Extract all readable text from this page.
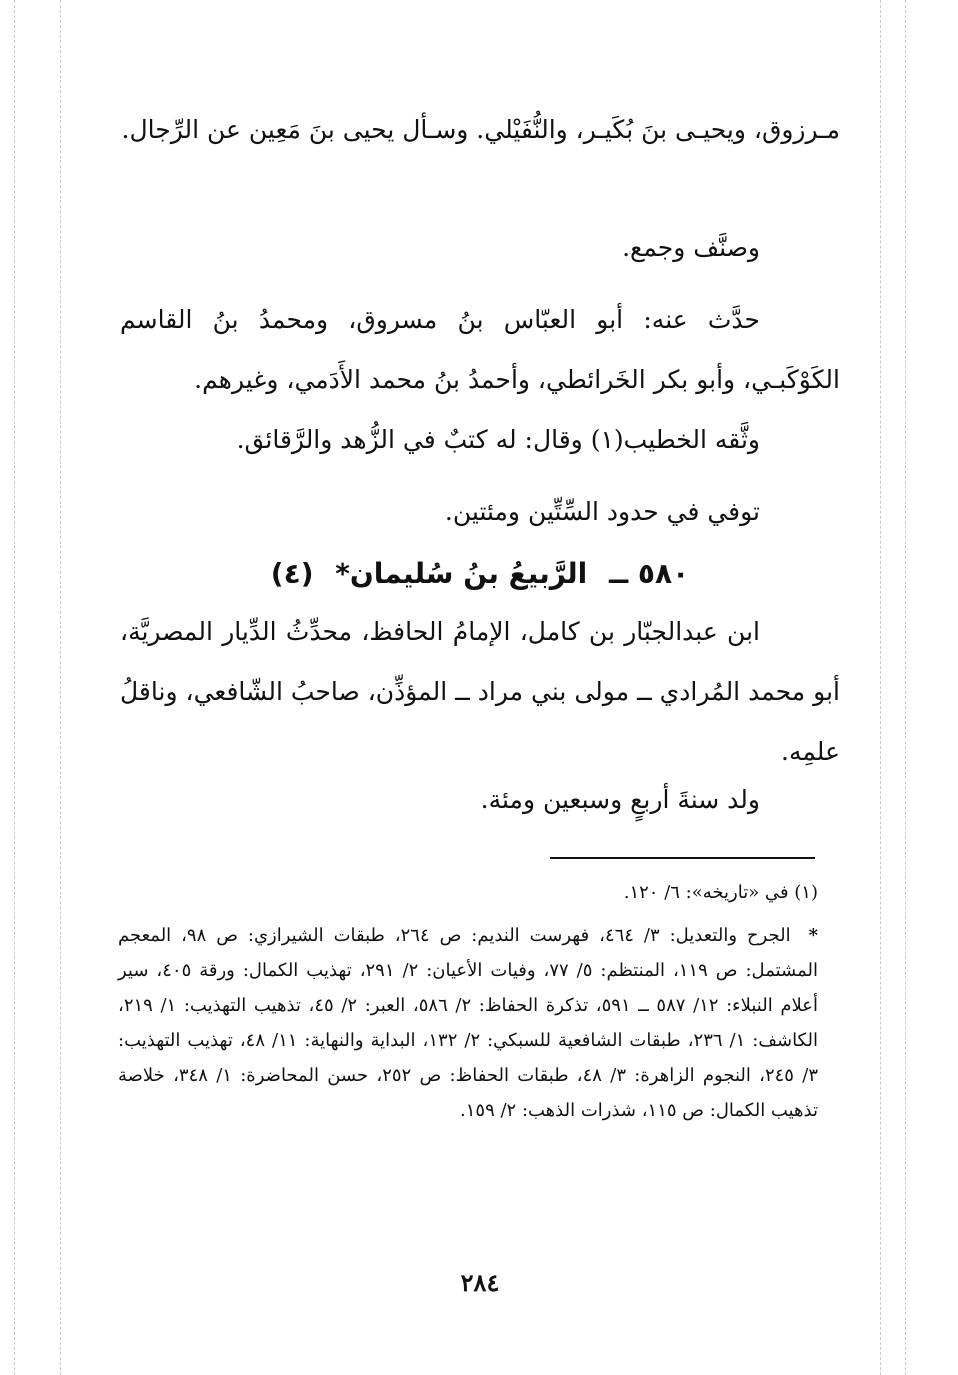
مـرزوق، ويحيـى بنَ بُكَيـر، والنُّفَيْلي. وسـأل يحيى بنَ مَعِين عن الرِّجال.

وصنَّف وجمع.

حدَّث عنه: أبو العبّاس بنُ مسروق، ومحمدُ بنُ القاسم الكَوْكَبـي، وأبو بكر الخَرائطي، وأحمدُ بنُ محمد الأَدَمي، وغيرهم.

وثَّقه الخطيب(١) وقال: له كتبٌ في الزُّهد والرَّقائق.

توفي في حدود السِّتِّين ومئتين.

٥٨٠ ــ الرَّبيعُ بنُ سُليمان* (٤)

ابن عبدالجبّار بن كامل، الإمامُ الحافظ، محدِّثُ الدِّيار المصريَّة، أبو محمد المُرادي ــ مولى بني مراد ــ المؤذِّن، صاحبُ الشّافعي، وناقلُ علمِه.

ولد سنةَ أربعٍ وسبعين ومئة.

(١) في «تاريخه»: ٦/ ١٢٠.

* الجرح والتعديل: ٣/ ٤٦٤، فهرست النديم: ص ٢٦٤، طبقات الشيرازي: ص ٩٨، المعجم المشتمل: ص ١١٩، المنتظم: ٥/ ٧٧، وفيات الأعيان: ٢/ ٢٩١، تهذيب الكمال: ورقة ٤٠٥، سير أعلام النبلاء: ١٢/ ٥٨٧ ــ ٥٩١، تذكرة الحفاظ: ٢/ ٥٨٦، العبر: ٢/ ٤٥، تذهيب التهذيب: ١/ ٢١٩، الكاشف: ١/ ٢٣٦، طبقات الشافعية للسبكي: ٢/ ١٣٢، البداية والنهاية: ١١/ ٤٨، تهذيب التهذيب: ٣/ ٢٤٥، النجوم الزاهرة: ٣/ ٤٨، طبقات الحفاظ: ص ٢٥٢، حسن المحاضرة: ١/ ٣٤٨، خلاصة تذهيب الكمال: ص ١١٥، شذرات الذهب: ٢/ ١٥٩.

٢٨٤
